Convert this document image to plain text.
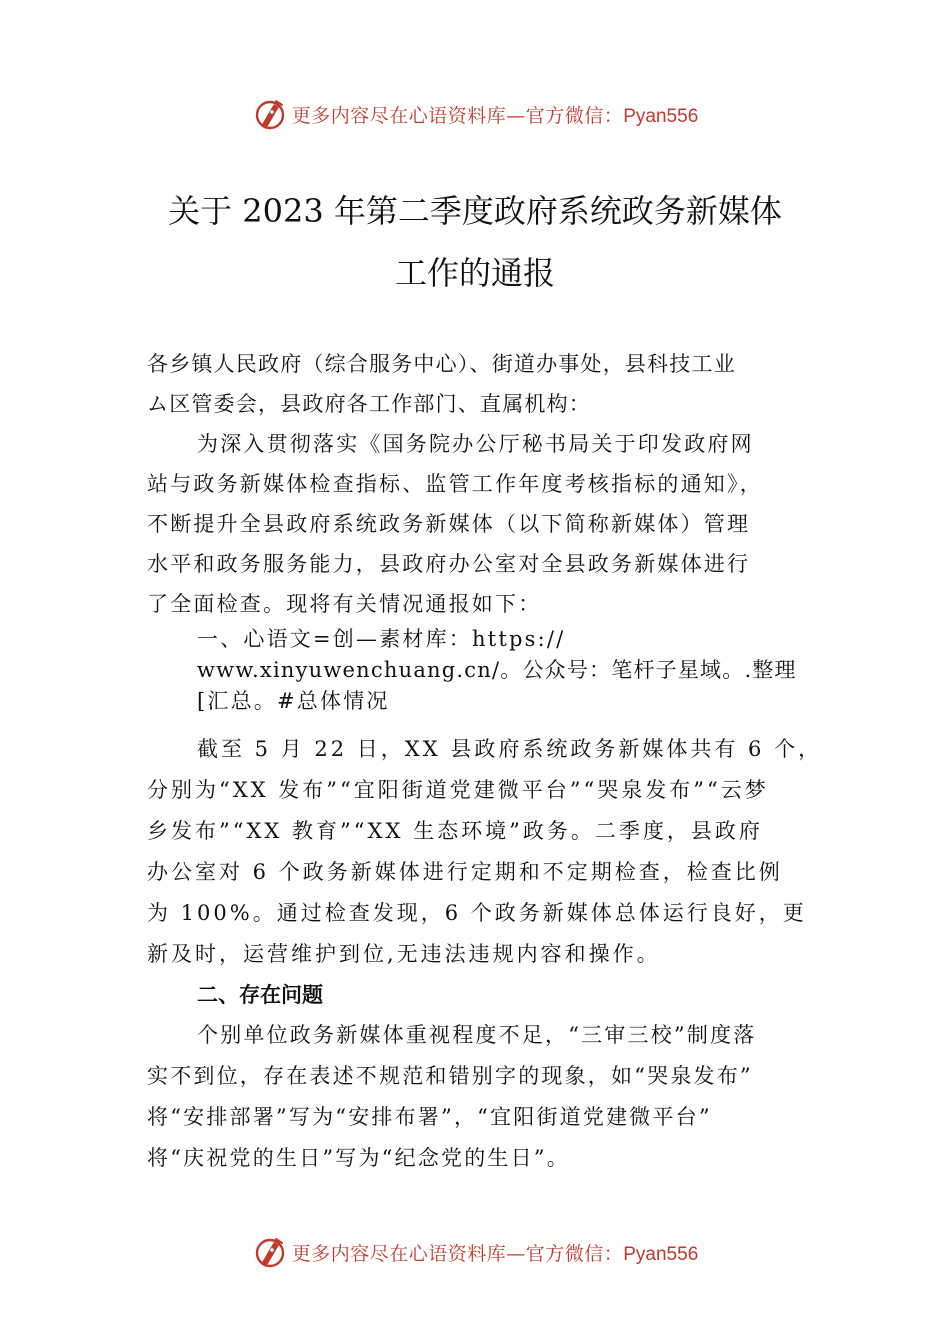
更多内容尽在心语资料库—官方微信：Pyan556
关于 2023 年第二季度政府系统政务新媒体
工作的通报
各乡镇人民政府（综合服务中心）、街道办事处，县科技工业
ム区管委会，县政府各工作部门、直属机构：
为深入贯彻落实《国务院办公厅秘书局关于印发政府网
站与政务新媒体检查指标、监管工作年度考核指标的通知》，
不断提升全县政府系统政务新媒体（以下简称新媒体）管理
水平和政务服务能力，县政府办公室对全县政务新媒体进行
了全面检查。现将有关情况通报如下：
一、心语文=创—素材库：https://
www.xinyuwenchuang.cn/。公众号：笔杆子星域。.整理
[汇总。#总体情况
截至 5 月 22 日，XX 县政府系统政务新媒体共有 6 个，
分别为“XX 发布”“宜阳街道党建微平台”“哭泉发布”“云梦
乡发布”“XX 教育”“XX 生态环境”政务。二季度，县政府
办公室对 6 个政务新媒体进行定期和不定期检查，检查比例
为 100%。通过检查发现，6 个政务新媒体总体运行良好，更
新及时，运营维护到位,无违法违规内容和操作。
二、存在问题
个别单位政务新媒体重视程度不足，“三审三校”制度落
实不到位，存在表述不规范和错别字的现象，如“哭泉发布”
将“安排部署”写为“安排布署”，“宜阳街道党建微平台”
将“庆祝党的生日”写为“纪念党的生日”。
更多内容尽在心语资料库—官方微信：Pyan556
